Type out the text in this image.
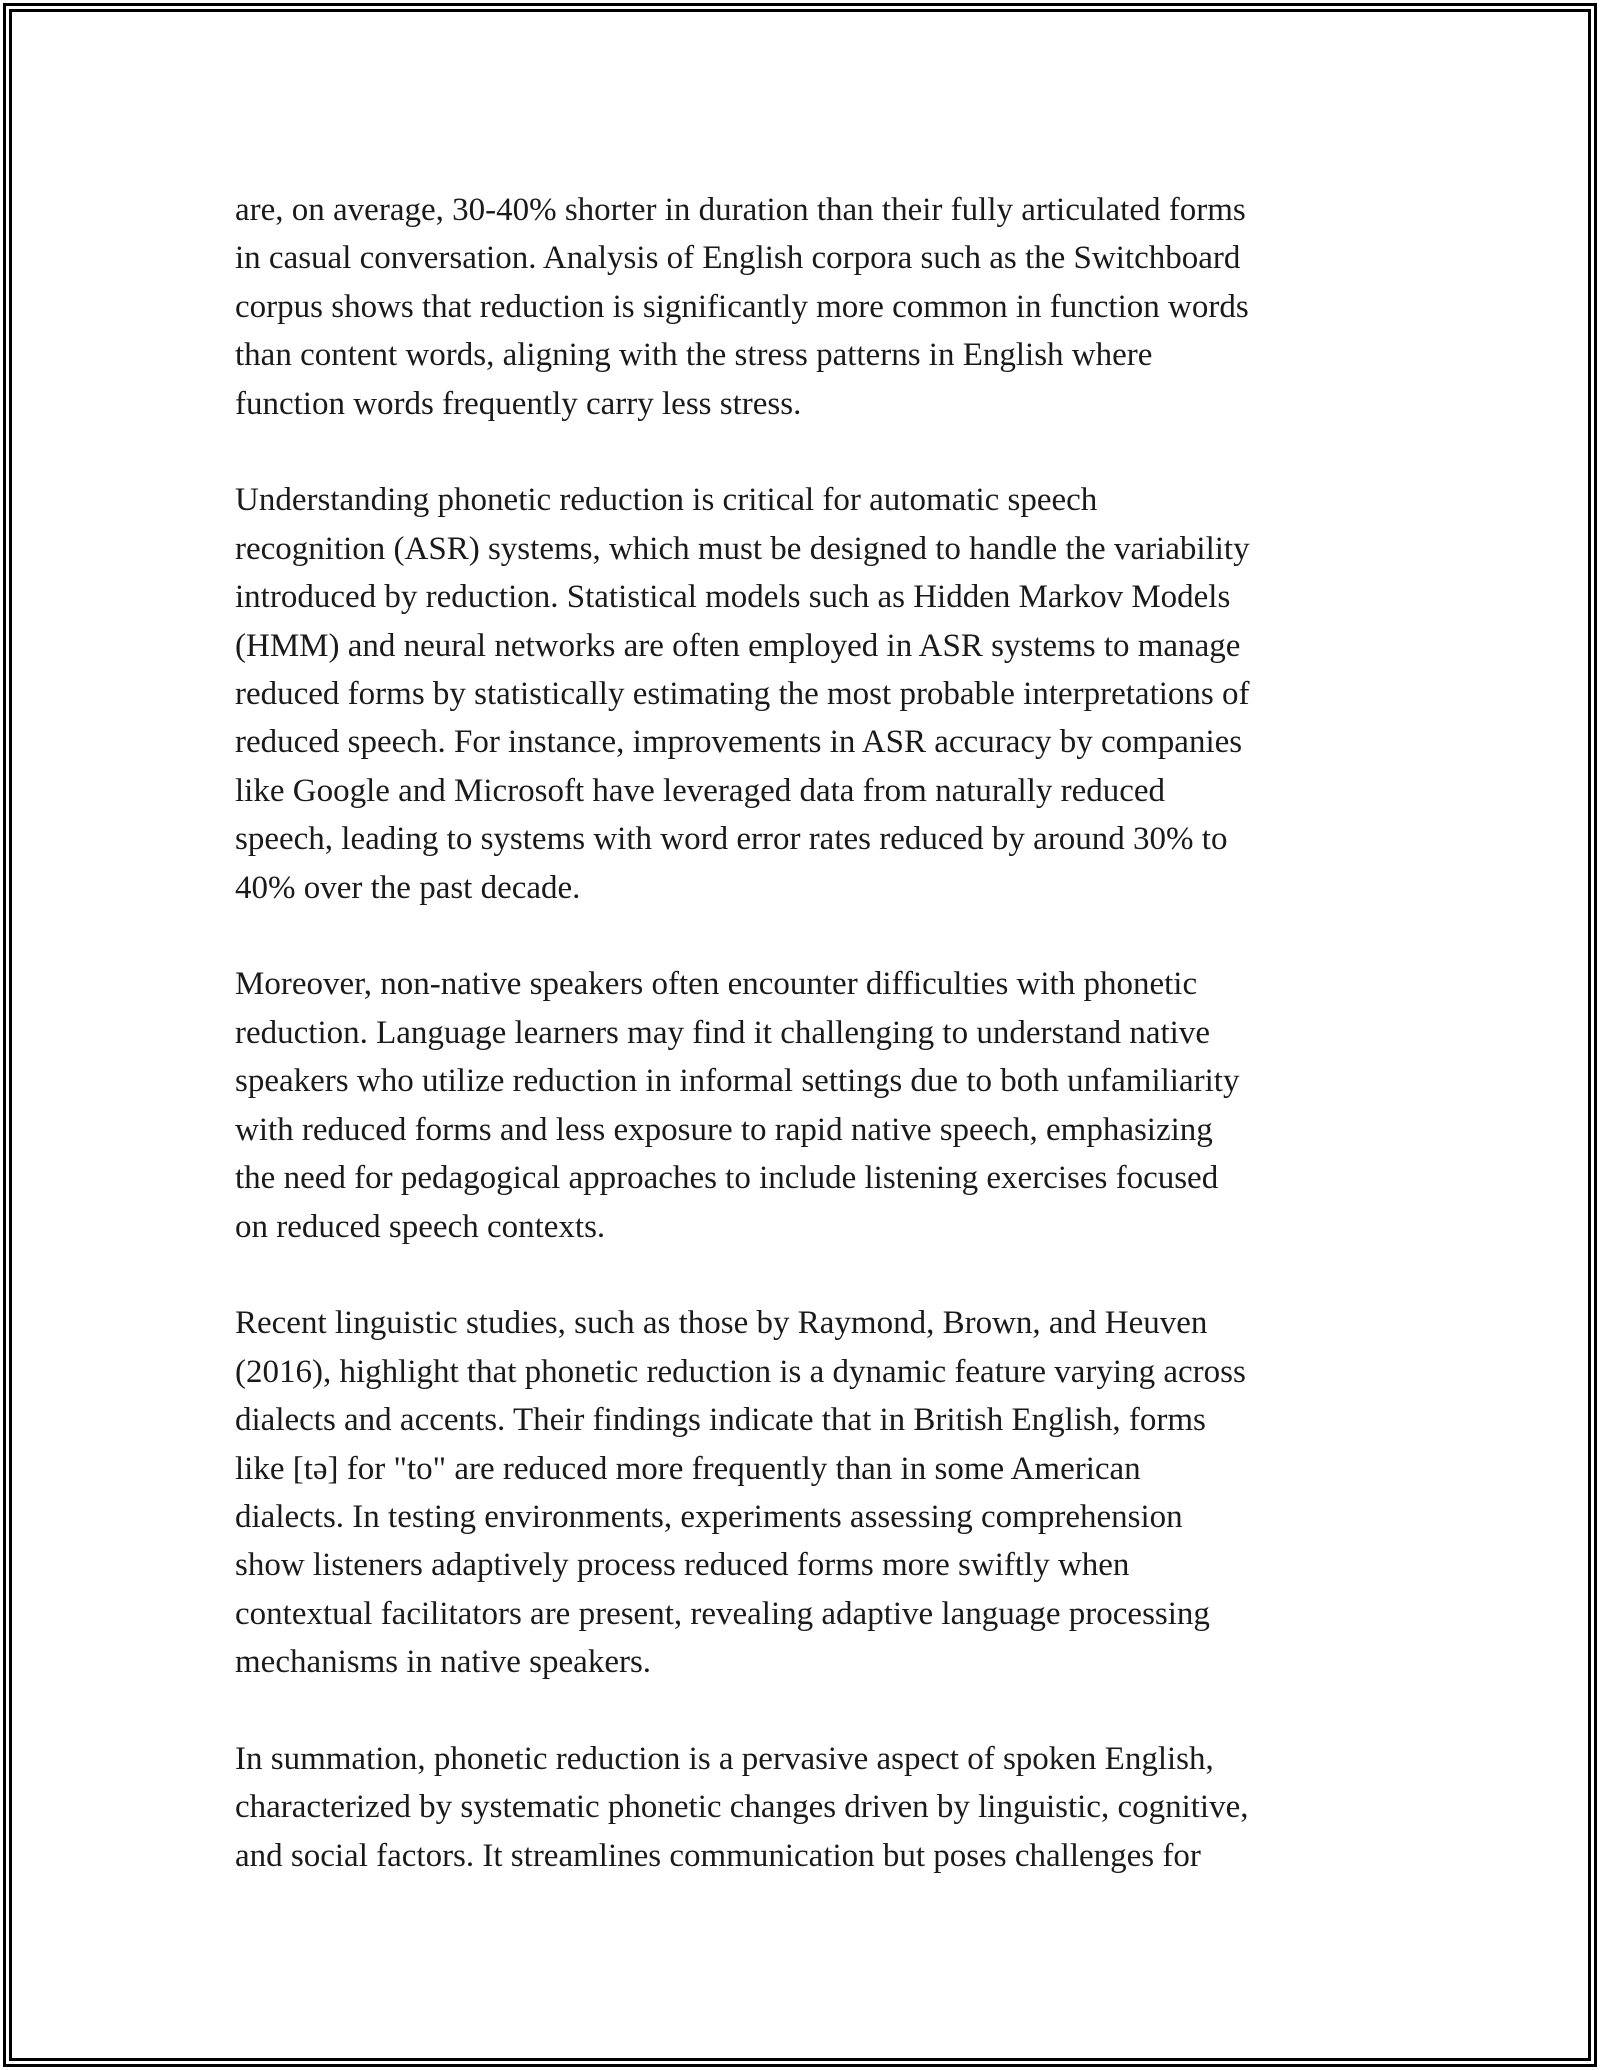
are, on average, 30-40% shorter in duration than their fully articulated forms
in casual conversation. Analysis of English corpora such as the Switchboard
corpus shows that reduction is significantly more common in function words
than content words, aligning with the stress patterns in English where
function words frequently carry less stress.

Understanding phonetic reduction is critical for automatic speech
recognition (ASR) systems, which must be designed to handle the variability
introduced by reduction. Statistical models such as Hidden Markov Models
(HMM) and neural networks are often employed in ASR systems to manage
reduced forms by statistically estimating the most probable interpretations of
reduced speech. For instance, improvements in ASR accuracy by companies
like Google and Microsoft have leveraged data from naturally reduced
speech, leading to systems with word error rates reduced by around 30% to
40% over the past decade.

Moreover, non-native speakers often encounter difficulties with phonetic
reduction. Language learners may find it challenging to understand native
speakers who utilize reduction in informal settings due to both unfamiliarity
with reduced forms and less exposure to rapid native speech, emphasizing
the need for pedagogical approaches to include listening exercises focused
on reduced speech contexts.

Recent linguistic studies, such as those by Raymond, Brown, and Heuven
(2016), highlight that phonetic reduction is a dynamic feature varying across
dialects and accents. Their findings indicate that in British English, forms
like [tə] for "to" are reduced more frequently than in some American
dialects. In testing environments, experiments assessing comprehension
show listeners adaptively process reduced forms more swiftly when
contextual facilitators are present, revealing adaptive language processing
mechanisms in native speakers.

In summation, phonetic reduction is a pervasive aspect of spoken English,
characterized by systematic phonetic changes driven by linguistic, cognitive,
and social factors. It streamlines communication but poses challenges for
